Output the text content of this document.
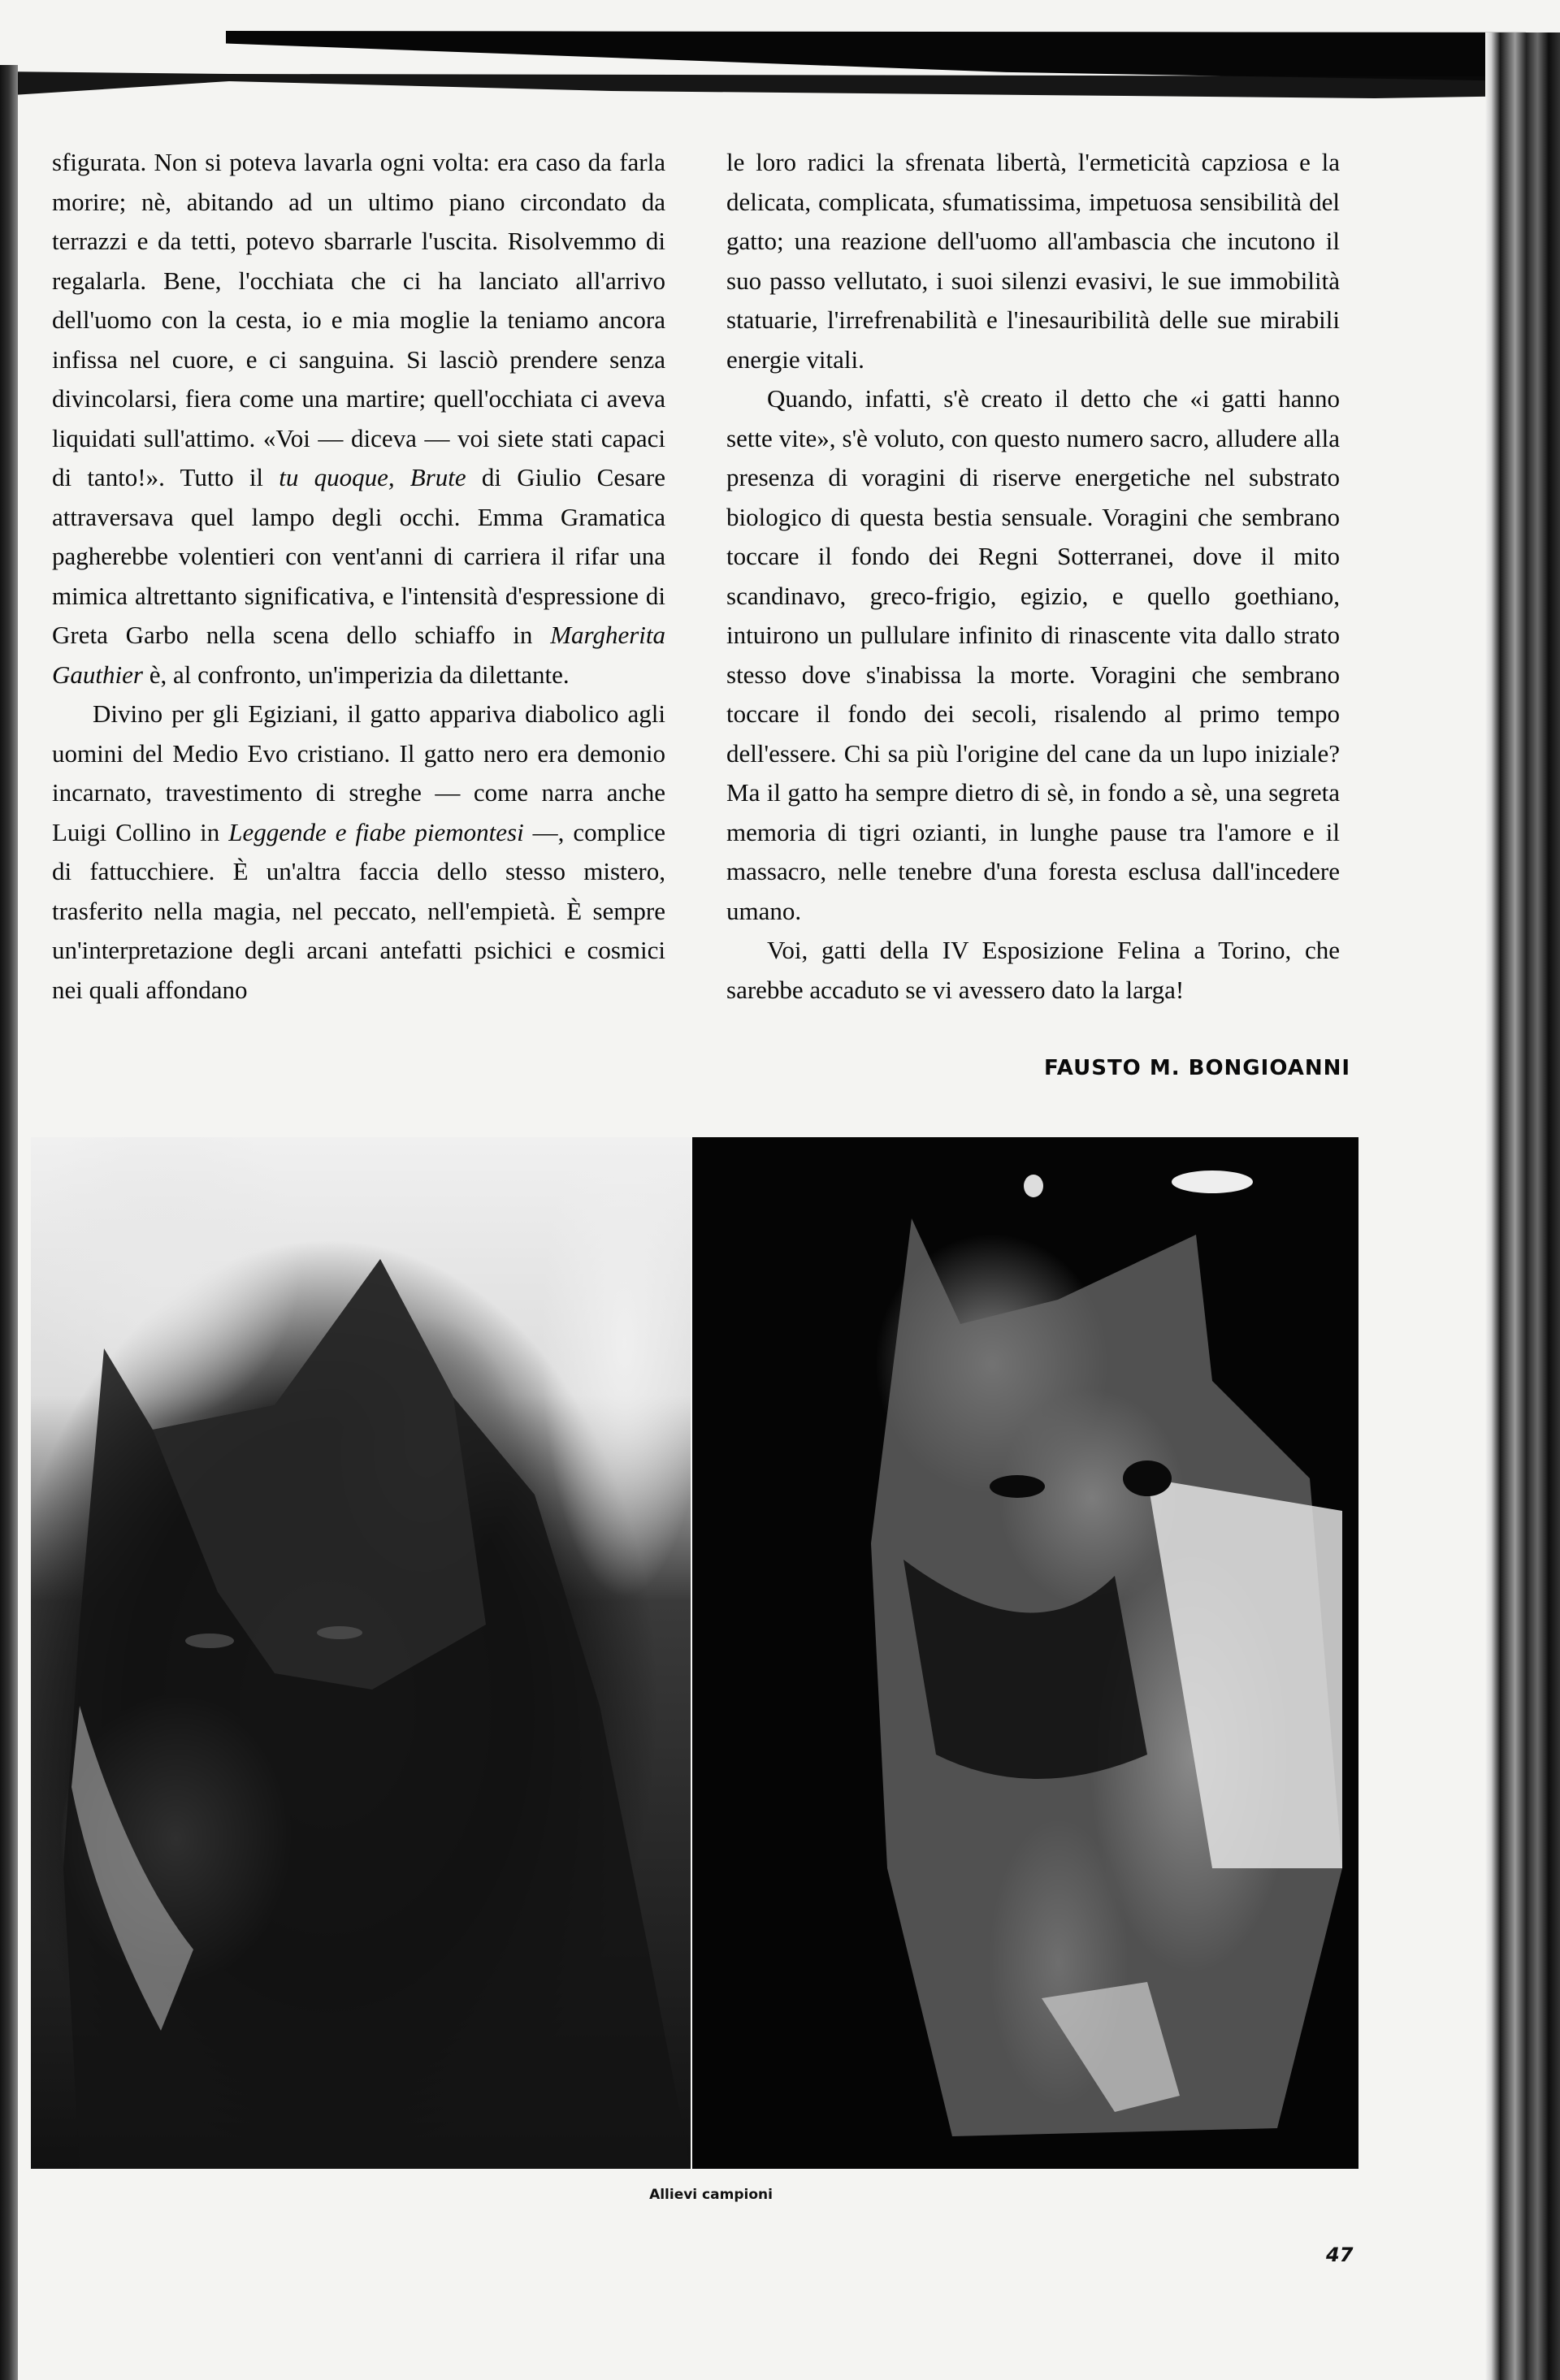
sfigurata. Non si poteva lavarla ogni volta: era caso da farla morire; nè, abitando ad un ultimo piano circondato da terrazzi e da tetti, potevo sbarrarle l'uscita. Risolvemmo di regalarla. Bene, l'occhiata che ci ha lanciato all'arrivo dell'uomo con la cesta, io e mia moglie la teniamo ancora infissa nel cuore, e ci sanguina. Si lasciò prendere senza divincolarsi, fiera come una martire; quell'occhiata ci aveva liquidati sull'attimo. «Voi — diceva — voi siete stati capaci di tanto!». Tutto il tu quoque, Brute di Giulio Cesare attraversava quel lampo degli occhi. Emma Gramatica pagherebbe volentieri con vent'anni di carriera il rifar una mimica altrettanto significativa, e l'intensità d'espressione di Greta Garbo nella scena dello schiaffo in Margherita Gauthier è, al confronto, un'imperizia da dilettante.

Divino per gli Egiziani, il gatto appariva diabolico agli uomini del Medio Evo cristiano. Il gatto nero era demonio incarnato, travestimento di streghe — come narra anche Luigi Collino in Leggende e fiabe piemontesi —, complice di fattucchiere. È un'altra faccia dello stesso mistero, trasferito nella magia, nel peccato, nell'empietà. È sempre un'interpretazione degli arcani antefatti psichici e cosmici nei quali affondano

le loro radici la sfrenata libertà, l'ermeticità capziosa e la delicata, complicata, sfumatissima, impetuosa sensibilità del gatto; una reazione dell'uomo all'ambascia che incutono il suo passo vellutato, i suoi silenzi evasivi, le sue immobilità statuarie, l'irrefrenabilità e l'inesauribilità delle sue mirabili energie vitali.

Quando, infatti, s'è creato il detto che «i gatti hanno sette vite», s'è voluto, con questo numero sacro, alludere alla presenza di voragini di riserve energetiche nel substrato biologico di questa bestia sensuale. Voragini che sembrano toccare il fondo dei Regni Sotterranei, dove il mito scandinavo, greco-frigio, egizio, e quello goethiano, intuirono un pullulare infinito di rinascente vita dallo strato stesso dove s'inabissa la morte. Voragini che sembrano toccare il fondo dei secoli, risalendo al primo tempo dell'essere. Chi sa più l'origine del cane da un lupo iniziale? Ma il gatto ha sempre dietro di sè, in fondo a sè, una segreta memoria di tigri ozianti, in lunghe pause tra l'amore e il massacro, nelle tenebre d'una foresta esclusa dall'incedere umano.

Voi, gatti della IV Esposizione Felina a Torino, che sarebbe accaduto se vi avessero dato la larga!

FAUSTO M. BONGIOANNI
Allievi campioni
47
